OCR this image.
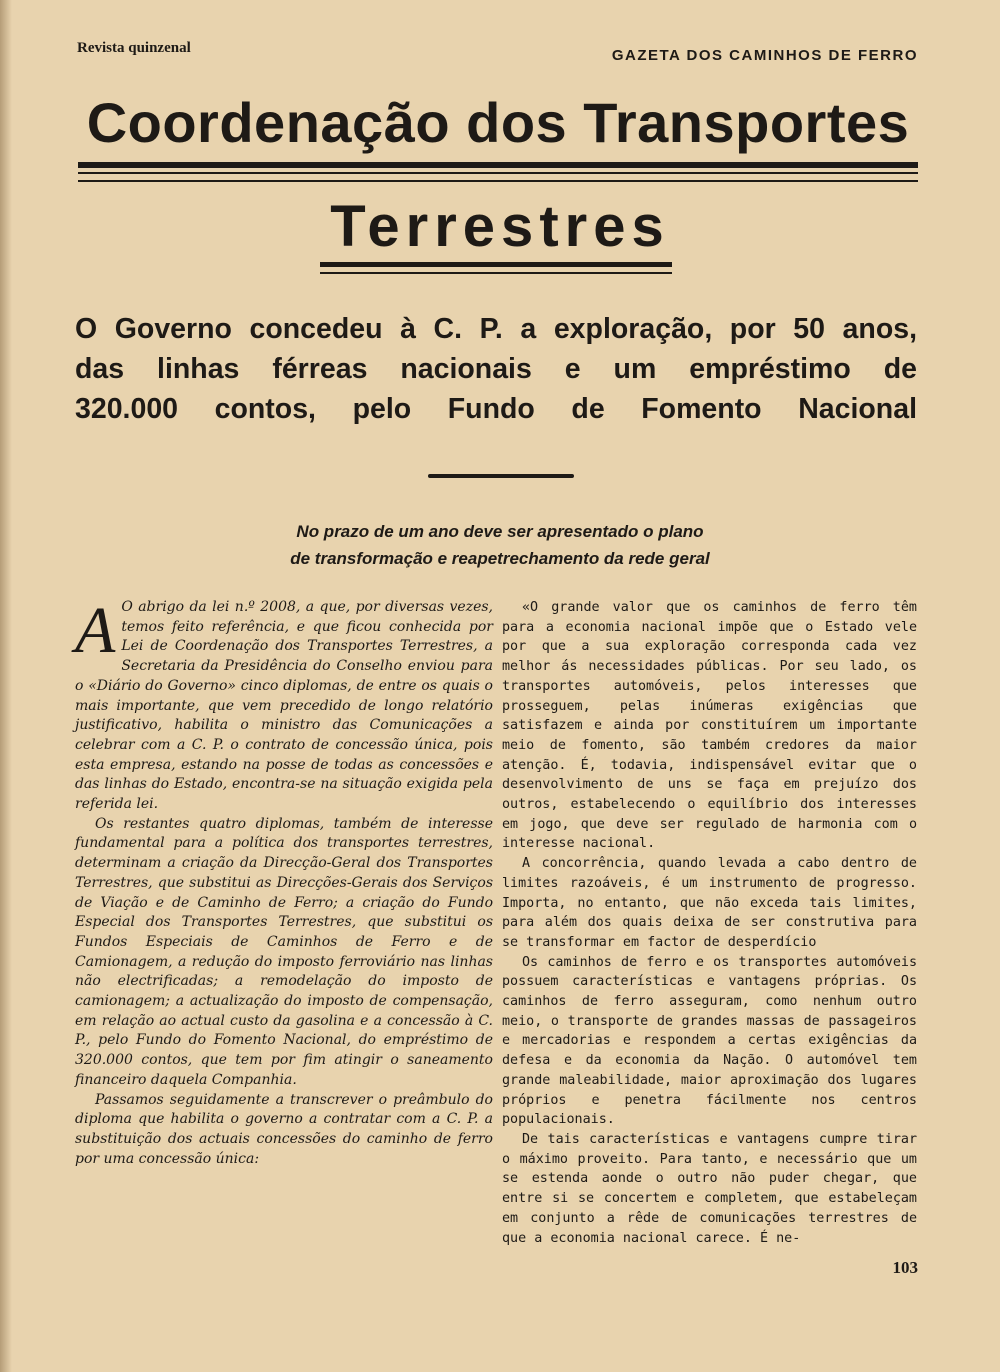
Revista quinzenal	GAZETA DOS CAMINHOS DE FERRO
Coordenação dos Transportes
Terrestres
O Governo concedeu à C. P. a exploração, por 50 anos,
das linhas férreas nacionais e um empréstimo de
320.000 contos, pelo Fundo de Fomento Nacional
No prazo de um ano deve ser apresentado o plano
de transformação e reapetrechamento da rede geral

A O abrigo da lei n.º 2008, a que, por diversas vezes, temos feito referência, e que ficou conhecida por Lei de Coordenação dos Transportes Terrestres, a Secretaria da Presidência do Conselho enviou para o «Diário do Governo» cinco diplomas, de entre os quais o mais importante, que vem precedido de longo relatório justificativo, habilita o ministro das Comunicações a celebrar com a C. P. o contrato de concessão única, pois esta empresa, estando na posse de todas as concessões e das linhas do Estado, encontra-se na situação exigida pela referida lei.

Os restantes quatro diplomas, também de interesse fundamental para a política dos transportes terrestres, determinam a criação da Direcção-Geral dos Transportes Terrestres, que substitui as Direcções-Gerais dos Serviços de Viação e de Caminho de Ferro; a criação do Fundo Especial dos Transportes Terrestres, que substitui os Fundos Especiais de Caminhos de Ferro e de Camionagem, a redução do imposto ferroviário nas linhas não electrificadas; a remodelação do imposto de camionagem; a actualização do imposto de compensação, em relação ao actual custo da gasolina e a concessão à C. P., pelo Fundo do Fomento Nacional, do empréstimo de 320.000 contos, que tem por fim atingir o saneamento financeiro daquela Companhia.

Passamos seguidamente a transcrever o preâmbulo do diploma que habilita o governo a contratar com a C. P. a substituição dos actuais concessões do caminho de ferro por uma concessão única:

«O grande valor que os caminhos de ferro têm para a economia nacional impõe que o Estado vele por que a sua exploração corresponda cada vez melhor ás necessidades públicas. Por seu lado, os transportes automóveis, pelos interesses que prosseguem, pelas inúmeras exigências que satisfazem e ainda por constituírem um importante meio de fomento, são também credores da maior atenção. É, todavia, indispensável evitar que o desenvolvimento de uns se faça em prejuízo dos outros, estabelecendo o equilíbrio dos interesses em jogo, que deve ser regulado de harmonia com o interesse nacional.

A concorrência, quando levada a cabo dentro de limites razoáveis, é um instrumento de progresso. Importa, no entanto, que não exceda tais limites, para além dos quais deixa de ser construtiva para se transformar em factor de desperdício

Os caminhos de ferro e os transportes automóveis possuem características e vantagens próprias. Os caminhos de ferro asseguram, como nenhum outro meio, o transporte de grandes massas de passageiros e mercadorias e respondem a certas exigências da defesa e da economia da Nação. O automóvel tem grande maleabilidade, maior aproximação dos lugares próprios e penetra fácilmente nos centros populacionais.

De tais características e vantagens cumpre tirar o máximo proveito. Para tanto, e necessário que um se estenda aonde o outro não puder chegar, que entre si se concertem e completem, que estabeleçam em conjunto a rêde de comunicações terrestres de que a economia nacional carece. É ne-

103
